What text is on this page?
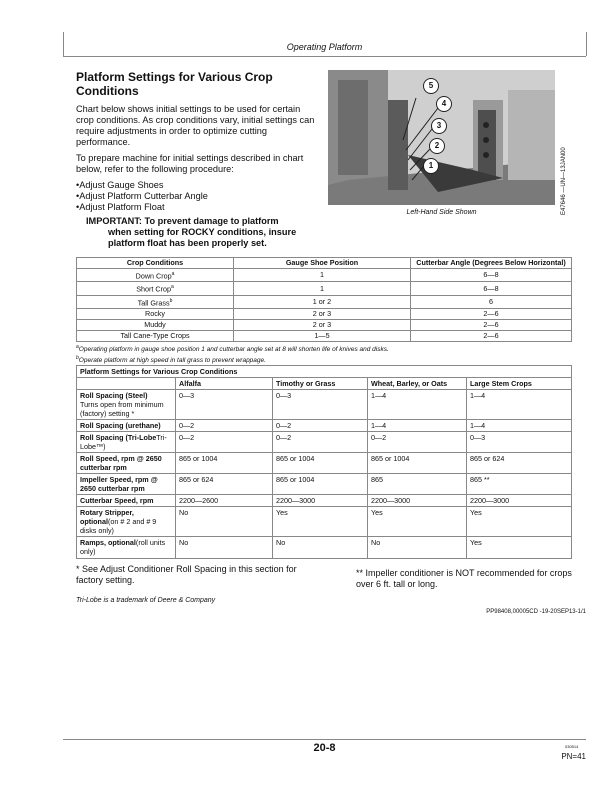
Operating Platform
Platform Settings for Various Crop Conditions
Chart below shows initial settings to be used for certain crop conditions. As crop conditions vary, initial settings can require adjustments in order to optimize cutting performance.
To prepare machine for initial settings described in chart below, refer to the following procedure:
• Adjust Gauge Shoes
• Adjust Platform Cutterbar Angle
• Adjust Platform Float
IMPORTANT: To prevent damage to platform
when setting for ROCKY conditions, insure
platform float has been properly set.
5
4
3
2
1	E47646 —UN—13JAN00
Left-Hand Side Shown
Crop Conditions	Gauge Shoe Position	Cutterbar Angle (Degrees Below Horizontal)
Down Crop$^a$	1	6—8
Short Crop$^a$	1	6—8
Tall Grass$^b$	1 or 2	6
Rocky	2 or 3	2—6
Muddy	2 or 3	2—6
Tall Cane-Type Crops	1—5	2—6
$^a$Operating platform in gauge shoe position 1 and cutterbar angle set at 8 will shorten life of knives and disks.
$^b$Operate platform at high speed in tall grass to prevent wrappage.
Platform Settings for Various Crop Conditions				
	Alfalfa	Timothy or Grass	Wheat, Barley, or Oats	Large Stem Crops
Roll Spacing (Steel)
Turns open from minimum (factory) setting *	0—3	0—3	1—4	1—4
Roll Spacing (urethane)	0—2	0—2	1—4	1—4
Roll Spacing (Tri-LobeTri-Lobe™)	0—2	0—2	0—2	0—3
Roll Speed, rpm @ 2650 cutterbar rpm	865 or 1004	865 or 1004	865 or 1004	865 or 624
Impeller Speed, rpm @ 2650 cutterbar rpm	865 or 624	865 or 1004	865	865 **
Cutterbar Speed, rpm	2200—2600	2200—3000	2200—3000	2200—3000
Rotary Stripper, optional(on # 2 and # 9 disks only)	No	Yes	Yes	Yes
Ramps, optional(roll units only)	No	No	No	Yes
* See Adjust Conditioner Roll Spacing in this section for factory setting.
** Impeller conditioner is NOT recommended for crops over 6 ft. tall or long.
Tri-Lobe is a trademark of Deere & Company
PP98408,00005CD -19-20SEP13-1/1
20-8	030514
PN=41
